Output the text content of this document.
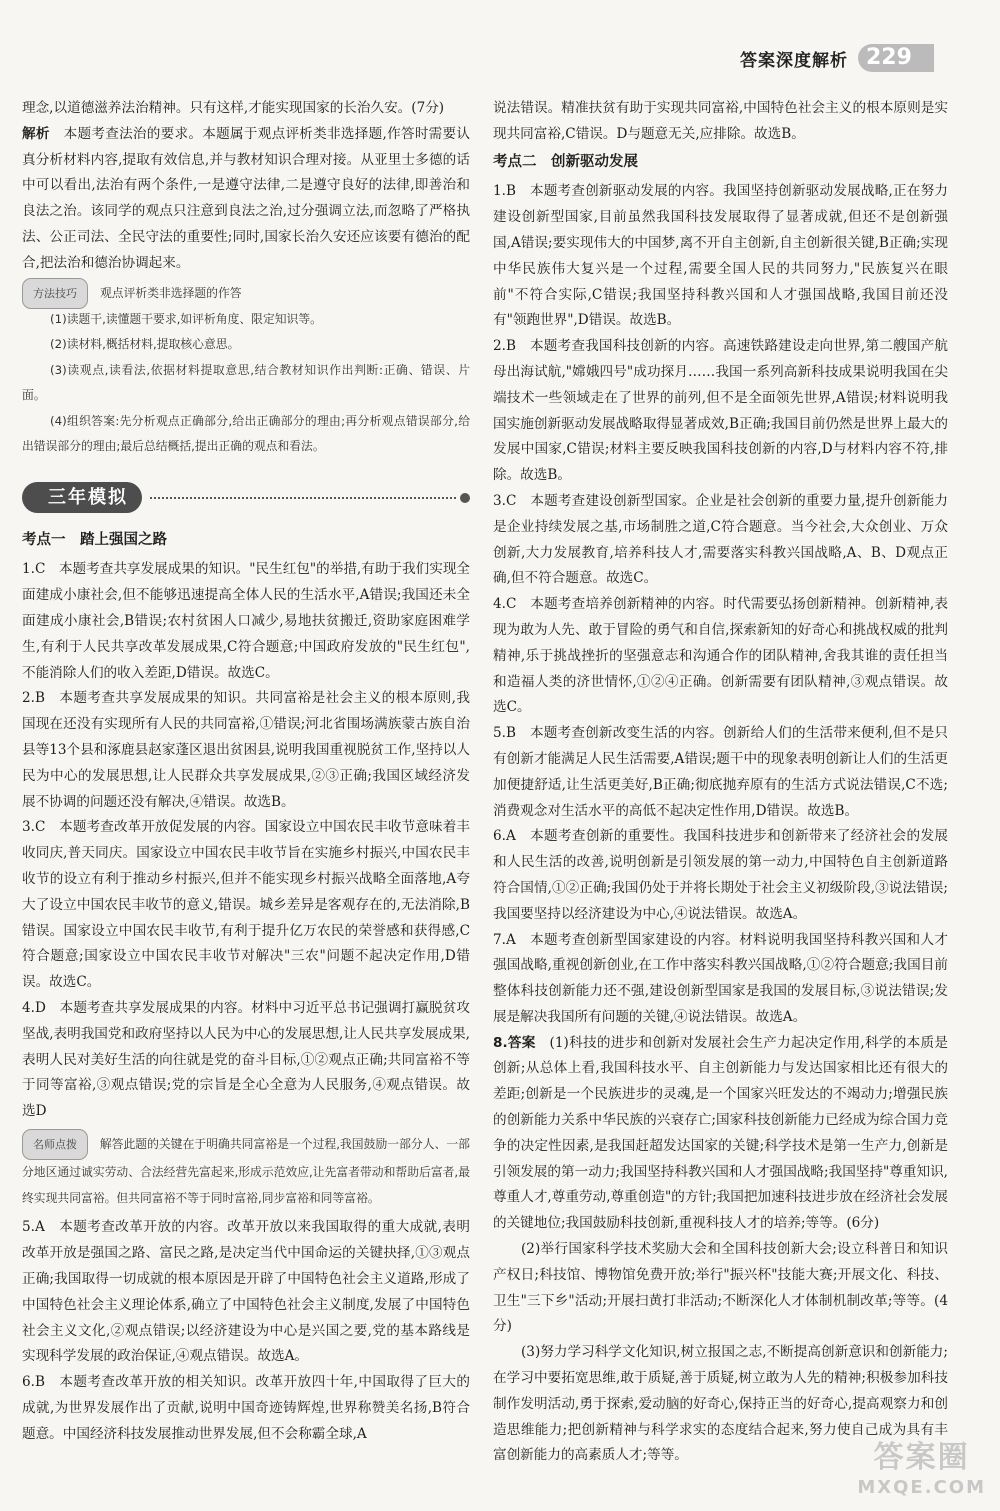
答案深度解析 229

理念,以道德滋养法治精神。只有这样,才能实现国家的长治久安。(7分)

解析　 本题考查法治的要求。本题属于观点评析类非选择题,作答时需要认真分析材料内容,提取有效信息,并与教材知识合理对接。从亚里士多德的话中可以看出,法治有两个条件,一是遵守法律,二是遵守良好的法律,即善治和良法之治。该同学的观点只注意到良法之治,过分强调立法,而忽略了严格执法、公正司法、全民守法的重要性;同时,国家长治久安还应该要有德治的配合,把法治和德治协调起来。

方法技巧	观点评析类非选择题的作答

(1)读题干,读懂题干要求,如评析角度、限定知识等。

(2)读材料,概括材料,提取核心意思。

(3)读观点,读看法,依据材料提取意思,结合教材知识作出判断:正确、错误、片面。

(4)组织答案:先分析观点正确部分,给出正确部分的理由;再分析观点错误部分,给出错误部分的理由;最后总结概括,提出正确的观点和看法。

三年模拟
考点一　踏上强国之路

1.C　本题考查共享发展成果的知识。"民生红包"的举措,有助于我们实现全面建成小康社会,但不能够迅速提高全体人民的生活水平,A错误;我国还未全面建成小康社会,B错误;农村贫困人口减少,易地扶贫搬迁,资助家庭困难学生,有利于人民共享改革发展成果,C符合题意;中国政府发放的"民生红包",不能消除人们的收入差距,D错误。故选C。

2.B　本题考查共享发展成果的知识。共同富裕是社会主义的根本原则,我国现在还没有实现所有人民的共同富裕,①错误;河北省围场满族蒙古族自治县等13个县和涿鹿县赵家蓬区退出贫困县,说明我国重视脱贫工作,坚持以人民为中心的发展思想,让人民群众共享发展成果,②③正确;我国区域经济发展不协调的问题还没有解决,④错误。故选B。

3.C　本题考查改革开放促发展的内容。国家设立中国农民丰收节意味着丰收同庆,普天同庆。国家设立中国农民丰收节旨在实施乡村振兴,中国农民丰收节的设立有利于推动乡村振兴,但并不能实现乡村振兴战略全面落地,A夸大了设立中国农民丰收节的意义,错误。城乡差异是客观存在的,无法消除,B错误。国家设立中国农民丰收节,有利于提升亿万农民的荣誉感和获得感,C符合题意;国家设立中国农民丰收节对解决"三农"问题不起决定作用,D错误。故选C。

4.D　本题考查共享发展成果的内容。材料中习近平总书记强调打赢脱贫攻坚战,表明我国党和政府坚持以人民为中心的发展思想,让人民共享发展成果,表明人民对美好生活的向往就是党的奋斗目标,①②观点正确;共同富裕不等于同等富裕,③观点错误;党的宗旨是全心全意为人民服务,④观点错误。故选D

名师点拨　 解答此题的关键在于明确共同富裕是一个过程,我国鼓励一部分人、一部分地区通过诚实劳动、合法经营先富起来,形成示范效应,让先富者带动和帮助后富者,最终实现共同富裕。但共同富裕不等于同时富裕,同步富裕和同等富裕。

5.A　本题考查改革开放的内容。改革开放以来我国取得的重大成就,表明改革开放是强国之路、富民之路,是决定当代中国命运的关键抉择,①③观点正确;我国取得一切成就的根本原因是开辟了中国特色社会主义道路,形成了中国特色社会主义理论体系,确立了中国特色社会主义制度,发展了中国特色社会主义文化,②观点错误;以经济建设为中心是兴国之要,党的基本路线是实现科学发展的政治保证,④观点错误。故选A。

6.B　本题考查改革开放的相关知识。改革开放四十年,中国取得了巨大的成就,为世界发展作出了贡献,说明中国奇迹铸辉煌,世界称赞美名扬,B符合题意。中国经济科技发展推动世界发展,但不会称霸全球,A

说法错误。精准扶贫有助于实现共同富裕,中国特色社会主义的根本原则是实现共同富裕,C错误。D与题意无关,应排除。故选B。

考点二　创新驱动发展

1.B　本题考查创新驱动发展的内容。我国坚持创新驱动发展战略,正在努力建设创新型国家,目前虽然我国科技发展取得了显著成就,但还不是创新强国,A错误;要实现伟大的中国梦,离不开自主创新,自主创新很关键,B正确;实现中华民族伟大复兴是一个过程,需要全国人民的共同努力,"民族复兴在眼前"不符合实际,C错误;我国坚持科教兴国和人才强国战略,我国目前还没有"领跑世界",D错误。故选B。

2.B　本题考查我国科技创新的内容。高速铁路建设走向世界,第二艘国产航母出海试航,"嫦娥四号"成功探月……我国一系列高新科技成果说明我国在尖端技术一些领域走在了世界的前列,但不是全面领先世界,A错误;材料说明我国实施创新驱动发展战略取得显著成效,B正确;我国目前仍然是世界上最大的发展中国家,C错误;材料主要反映我国科技创新的内容,D与材料内容不符,排除。故选B。

3.C　本题考查建设创新型国家。企业是社会创新的重要力量,提升创新能力是企业持续发展之基,市场制胜之道,C符合题意。当今社会,大众创业、万众创新,大力发展教育,培养科技人才,需要落实科教兴国战略,A、B、D观点正确,但不符合题意。故选C。

4.C　本题考查培养创新精神的内容。时代需要弘扬创新精神。创新精神,表现为敢为人先、敢于冒险的勇气和自信,探索新知的好奇心和挑战权威的批判精神,乐于挑战挫折的坚强意志和沟通合作的团队精神,舍我其谁的责任担当和造福人类的济世情怀,①②④正确。创新需要有团队精神,③观点错误。故选C。

5.B　本题考查创新改变生活的内容。创新给人们的生活带来便利,但不是只有创新才能满足人民生活需要,A错误;题干中的现象表明创新让人们的生活更加便捷舒适,让生活更美好,B正确;彻底抛弃原有的生活方式说法错误,C不选;消费观念对生活水平的高低不起决定性作用,D错误。故选B。

6.A　本题考查创新的重要性。我国科技进步和创新带来了经济社会的发展和人民生活的改善,说明创新是引领发展的第一动力,中国特色自主创新道路符合国情,①②正确;我国仍处于并将长期处于社会主义初级阶段,③说法错误;我国要坚持以经济建设为中心,④说法错误。故选A。

7.A　本题考查创新型国家建设的内容。材料说明我国坚持科教兴国和人才强国战略,重视创新创业,在工作中落实科教兴国战略,①②符合题意;我国目前整体科技创新能力还不强,建设创新型国家是我国的发展目标,③说法错误;发展是解决我国所有问题的关键,④说法错误。故选A。

8.答案　 (1)科技的进步和创新对发展社会生产力起决定作用,科学的本质是创新;从总体上看,我国科技水平、自主创新能力与发达国家相比还有很大的差距;创新是一个民族进步的灵魂,是一个国家兴旺发达的不竭动力;增强民族的创新能力关系中华民族的兴衰存亡;国家科技创新能力已经成为综合国力竞争的决定性因素,是我国赶超发达国家的关键;科学技术是第一生产力,创新是引领发展的第一动力;我国坚持科教兴国和人才强国战略;我国坚持"尊重知识,尊重人才,尊重劳动,尊重创造"的方针;我国把加速科技进步放在经济社会发展的关键地位;我国鼓励科技创新,重视科技人才的培养;等等。(6分)

(2)举行国家科学技术奖励大会和全国科技创新大会;设立科普日和知识产权日;科技馆、博物馆免费开放;举行"振兴杯"技能大赛;开展文化、科技、卫生"三下乡"活动;开展扫黄打非活动;不断深化人才体制机制改革;等等。(4分)

(3)努力学习科学文化知识,树立报国之志,不断提高创新意识和创新能力;在学习中要拓宽思维,敢于质疑,善于质疑,树立敢为人先的精神;积极参加科技制作发明活动,勇于探索,爱动脑的好奇心,保持正当的好奇心,提高观察力和创造思维能力;把创新精神与科学求实的态度结合起来,努力使自己成为具有丰富创新能力的高素质人才;等等。	答案圈
MXQE.COM
